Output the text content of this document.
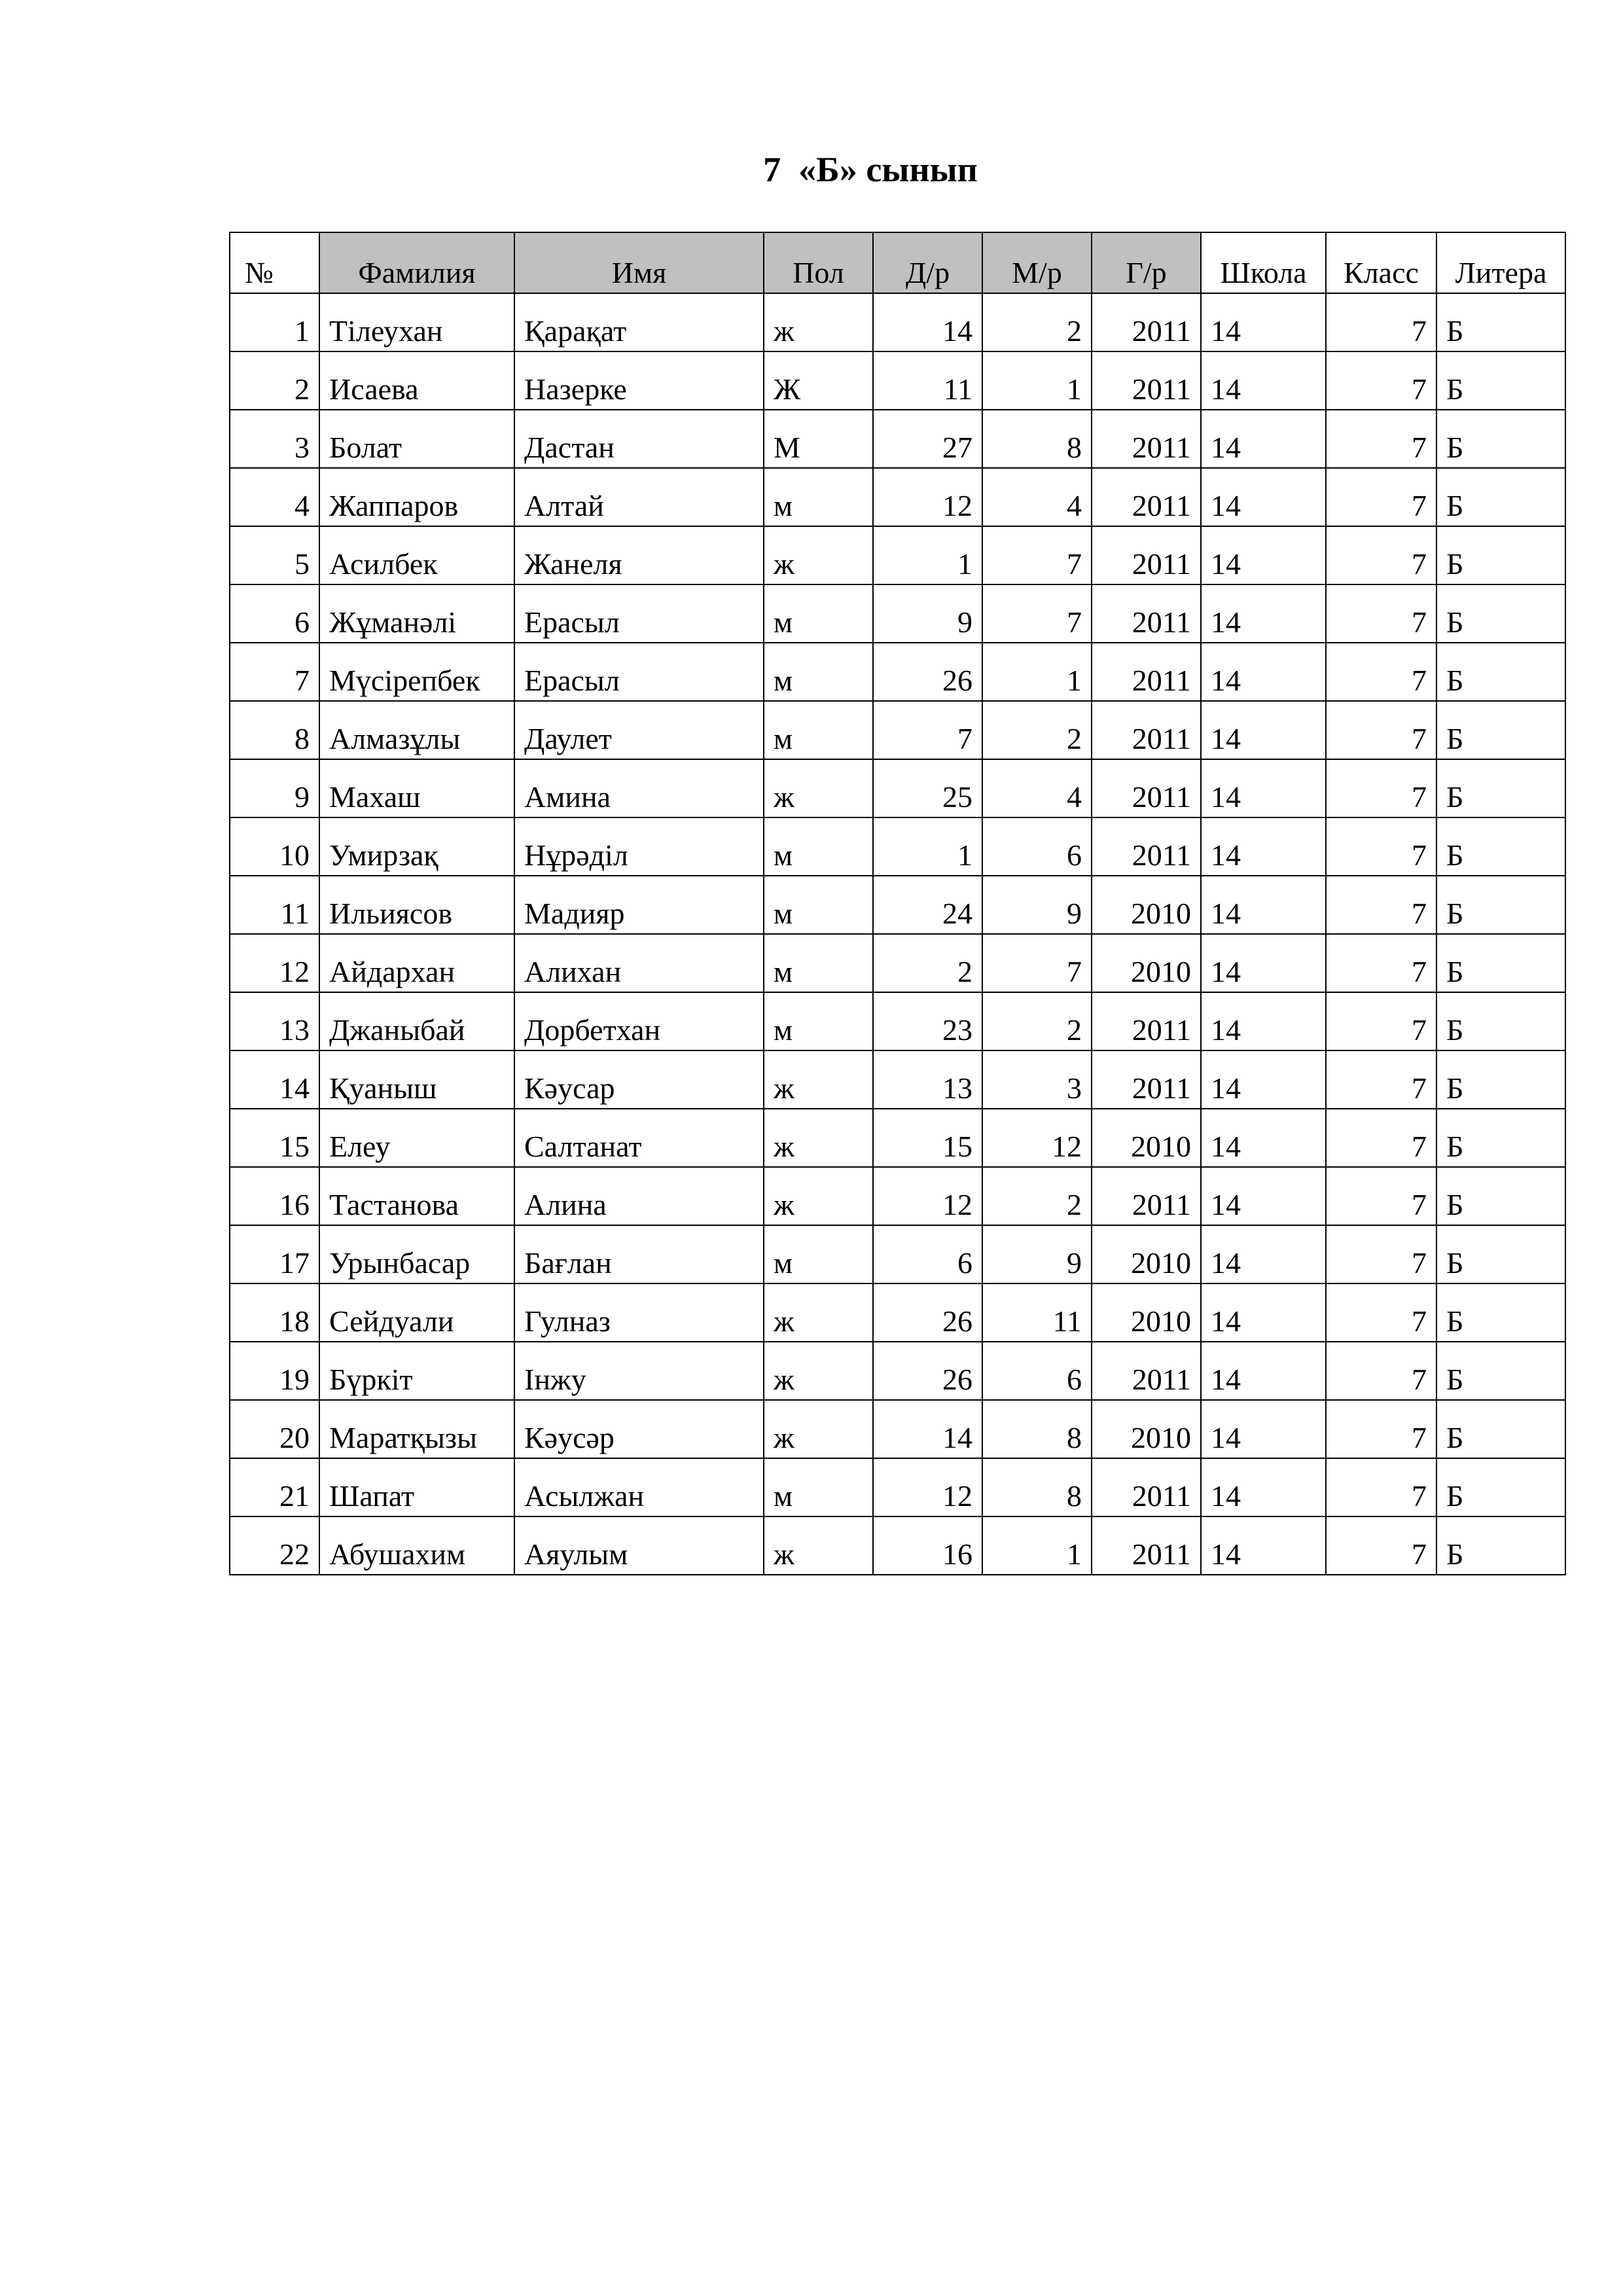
7  «Б» сынып
№	Фамилия	Имя	Пол	Д/р	М/р	Г/р	Школа	Класс	Литера
1	Тілеухан	Қарақат	ж	14	2	2011	14	7	Б
2	Исаева	Назерке	Ж	11	1	2011	14	7	Б
3	Болат	Дастан	М	27	8	2011	14	7	Б
4	Жаппаров	Алтай	м	12	4	2011	14	7	Б
5	Асилбек	Жанеля	ж	1	7	2011	14	7	Б
6	Жұманәлі	Ерасыл	м	9	7	2011	14	7	Б
7	Мүсірепбек	Ерасыл	м	26	1	2011	14	7	Б
8	Алмазұлы	Даулет	м	7	2	2011	14	7	Б
9	Махаш	Амина	ж	25	4	2011	14	7	Б
10	Умирзақ	Нұрәділ	м	1	6	2011	14	7	Б
11	Ильиясов	Мадияр	м	24	9	2010	14	7	Б
12	Айдархан	Алихан	м	2	7	2010	14	7	Б
13	Джаныбай	Дорбетхан	м	23	2	2011	14	7	Б
14	Қуаныш	Кәусар	ж	13	3	2011	14	7	Б
15	Елеу	Салтанат	ж	15	12	2010	14	7	Б
16	Тастанова	Алина	ж	12	2	2011	14	7	Б
17	Урынбасар	Бағлан	м	6	9	2010	14	7	Б
18	Сейдуали	Гулназ	ж	26	11	2010	14	7	Б
19	Бүркіт	Інжу	ж	26	6	2011	14	7	Б
20	Маратқызы	Кәусәр	ж	14	8	2010	14	7	Б
21	Шапат	Асылжан	м	12	8	2011	14	7	Б
22	Абушахим	Аяулым	ж	16	1	2011	14	7	Б
